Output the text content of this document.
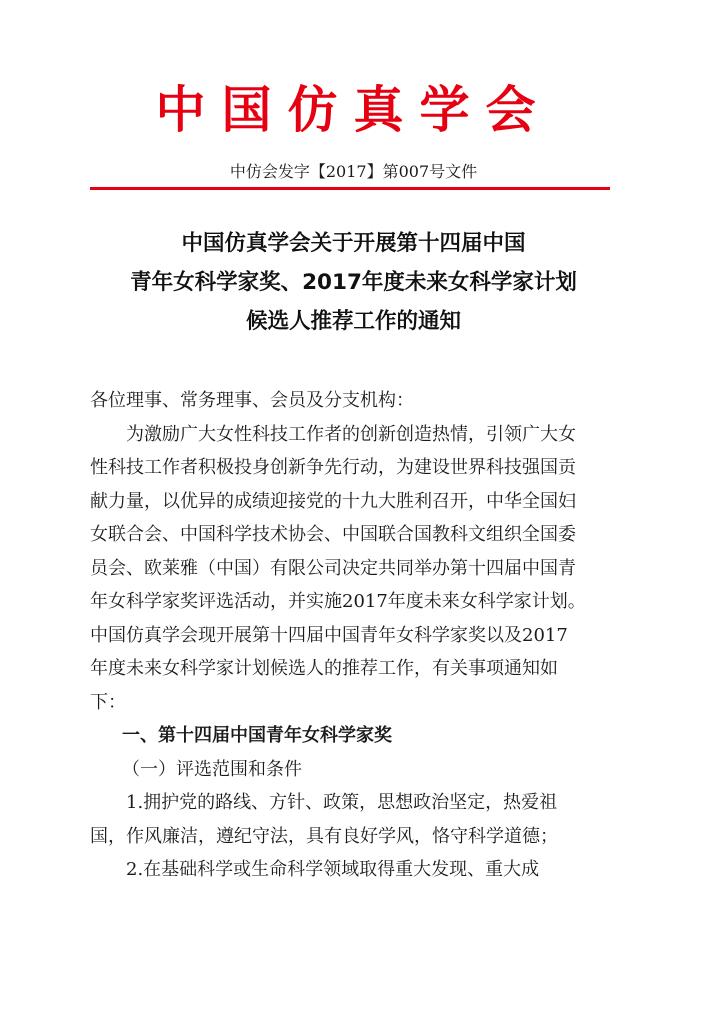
中国仿真学会
中仿会发字【2017】第007号文件
中国仿真学会关于开展第十四届中国
青年女科学家奖、2017年度未来女科学家计划
候选人推荐工作的通知
各位理事、常务理事、会员及分支机构：
为激励广大女性科技工作者的创新创造热情，引领广大女
性科技工作者积极投身创新争先行动，为建设世界科技强国贡
献力量，以优异的成绩迎接党的十九大胜利召开，中华全国妇
女联合会、中国科学技术协会、中国联合国教科文组织全国委
员会、欧莱雅（中国）有限公司决定共同举办第十四届中国青
年女科学家奖评选活动，并实施2017年度未来女科学家计划。
中国仿真学会现开展第十四届中国青年女科学家奖以及2017
年度未来女科学家计划候选人的推荐工作，有关事项通知如
下：
一、第十四届中国青年女科学家奖
（一）评选范围和条件
1.拥护党的路线、方针、政策，思想政治坚定，热爱祖
国，作风廉洁，遵纪守法，具有良好学风，恪守科学道德；
2.在基础科学或生命科学领域取得重大发现、重大成
